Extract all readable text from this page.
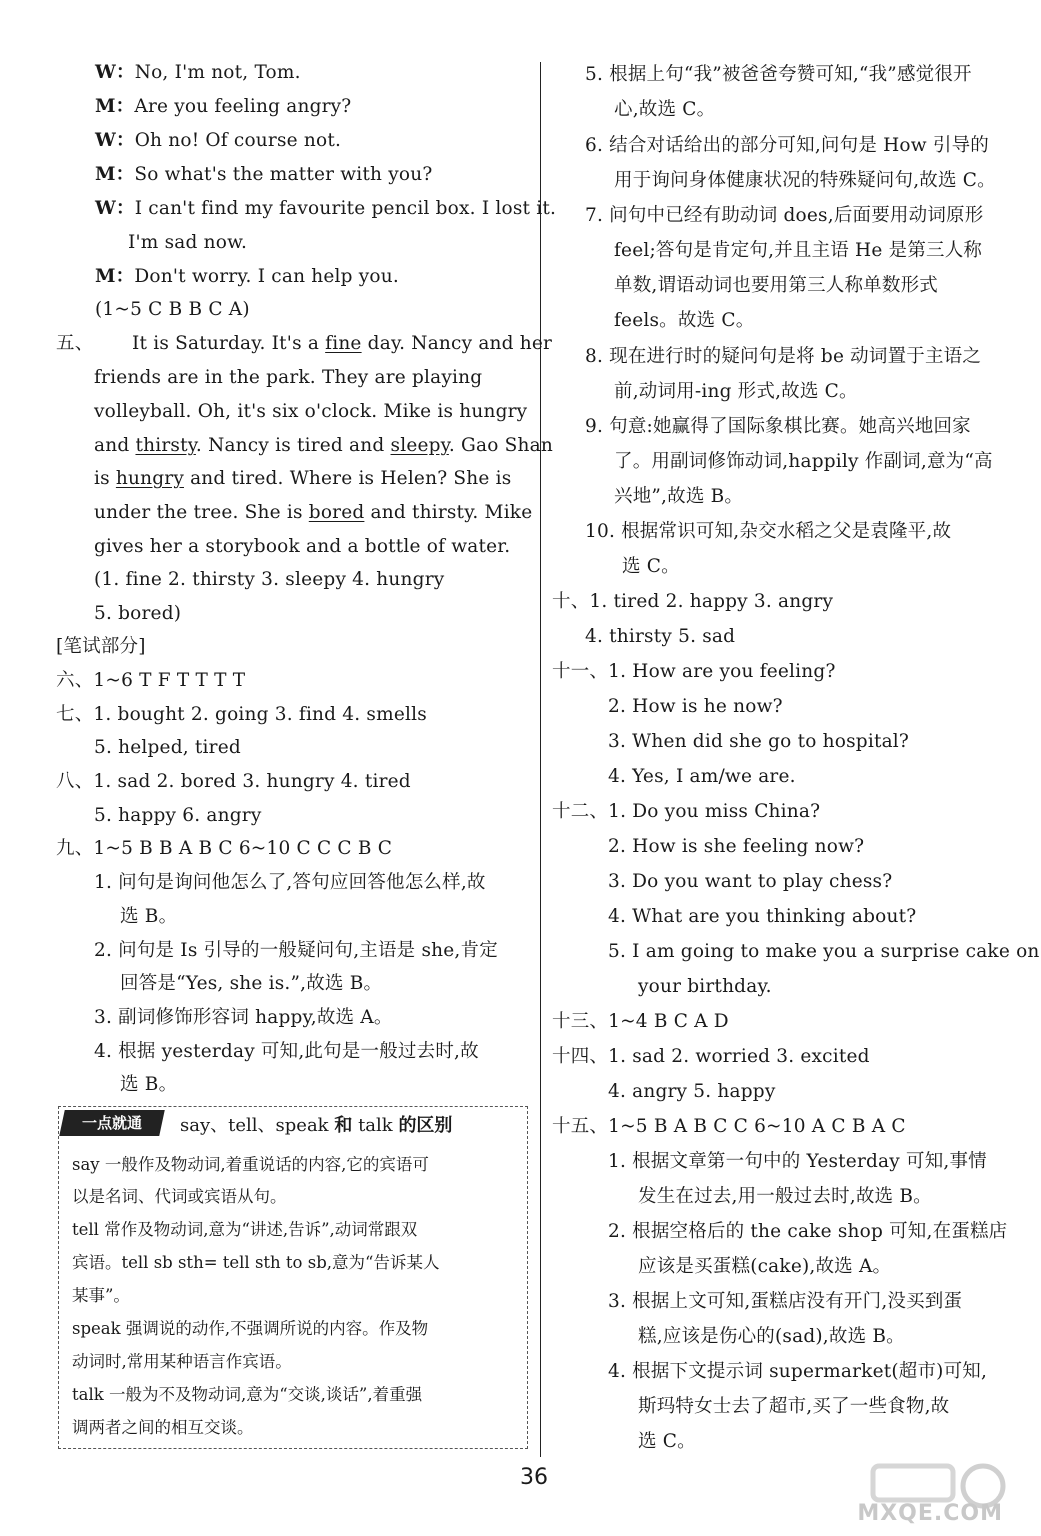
W：No, I'm not, Tom.
M：Are you feeling angry?
W：Oh no! Of course not.
M：So what's the matter with you?
W：I can't find my favourite pencil box. I lost it.
I'm sad now.
M：Don't worry. I can help you.
(1~5 C B B C A)
五、 It is Saturday. It's a fine day. Nancy and her
friends are in the park. They are playing
volleyball. Oh, it's six o'clock. Mike is hungry
and thirsty. Nancy is tired and sleepy. Gao Shan
is hungry and tired. Where is Helen? She is
under the tree. She is bored and thirsty. Mike
gives her a storybook and a bottle of water.
(1. fine 2. thirsty 3. sleepy 4. hungry
5. bored)
[笔试部分]
六、1~6 T F T T T T
七、1. bought 2. going 3. find 4. smells
5. helped, tired
八、1. sad 2. bored 3. hungry 4. tired
5. happy 6. angry
九、1~5 B B A B C 6~10 C C C B C
1. 问句是询问他怎么了,答句应回答他怎么样,故
选 B。
2. 问句是 Is 引导的一般疑问句,主语是 she,肯定
回答是“Yes, she is.”,故选 B。
3. 副词修饰形容词 happy,故选 A。
4. 根据 yesterday 可知,此句是一般过去时,故
选 B。
一点就通	say、tell、speak 和 talk 的区别
say 一般作及物动词,着重说话的内容,它的宾语可
以是名词、代词或宾语从句。
tell 常作及物动词,意为“讲述,告诉”,动词常跟双
宾语。tell sb sth= tell sth to sb,意为“告诉某人
某事”。
speak 强调说的动作,不强调所说的内容。作及物
动词时,常用某种语言作宾语。
talk 一般为不及物动词,意为“交谈,谈话”,着重强
调两者之间的相互交谈。
5. 根据上句“我”被爸爸夸赞可知,“我”感觉很开
心,故选 C。
6. 结合对话给出的部分可知,问句是 How 引导的
用于询问身体健康状况的特殊疑问句,故选 C。
7. 问句中已经有助动词 does,后面要用动词原形
feel;答句是肯定句,并且主语 He 是第三人称
单数,谓语动词也要用第三人称单数形式
feels。故选 C。
8. 现在进行时的疑问句是将 be 动词置于主语之
前,动词用-ing 形式,故选 C。
9. 句意:她赢得了国际象棋比赛。她高兴地回家
了。用副词修饰动词,happily 作副词,意为“高
兴地”,故选 B。
10. 根据常识可知,杂交水稻之父是袁隆平,故
选 C。
十、1. tired 2. happy 3. angry
4. thirsty 5. sad
十一、1. How are you feeling?
2. How is he now?
3. When did she go to hospital?
4. Yes, I am/we are.
十二、1. Do you miss China?
2. How is she feeling now?
3. Do you want to play chess?
4. What are you thinking about?
5. I am going to make you a surprise cake on
your birthday.
十三、1~4 B C A D
十四、1. sad 2. worried 3. excited
4. angry 5. happy
十五、1~5 B A B C C 6~10 A C B A C
1. 根据文章第一句中的 Yesterday 可知,事情
发生在过去,用一般过去时,故选 B。
2. 根据空格后的 the cake shop 可知,在蛋糕店
应该是买蛋糕(cake),故选 A。
3. 根据上文可知,蛋糕店没有开门,没买到蛋
糕,应该是伤心的(sad),故选 B。
4. 根据下文提示词 supermarket(超市)可知,
斯玛特女士去了超市,买了一些食物,故
选 C。
36
MXQE.COM
